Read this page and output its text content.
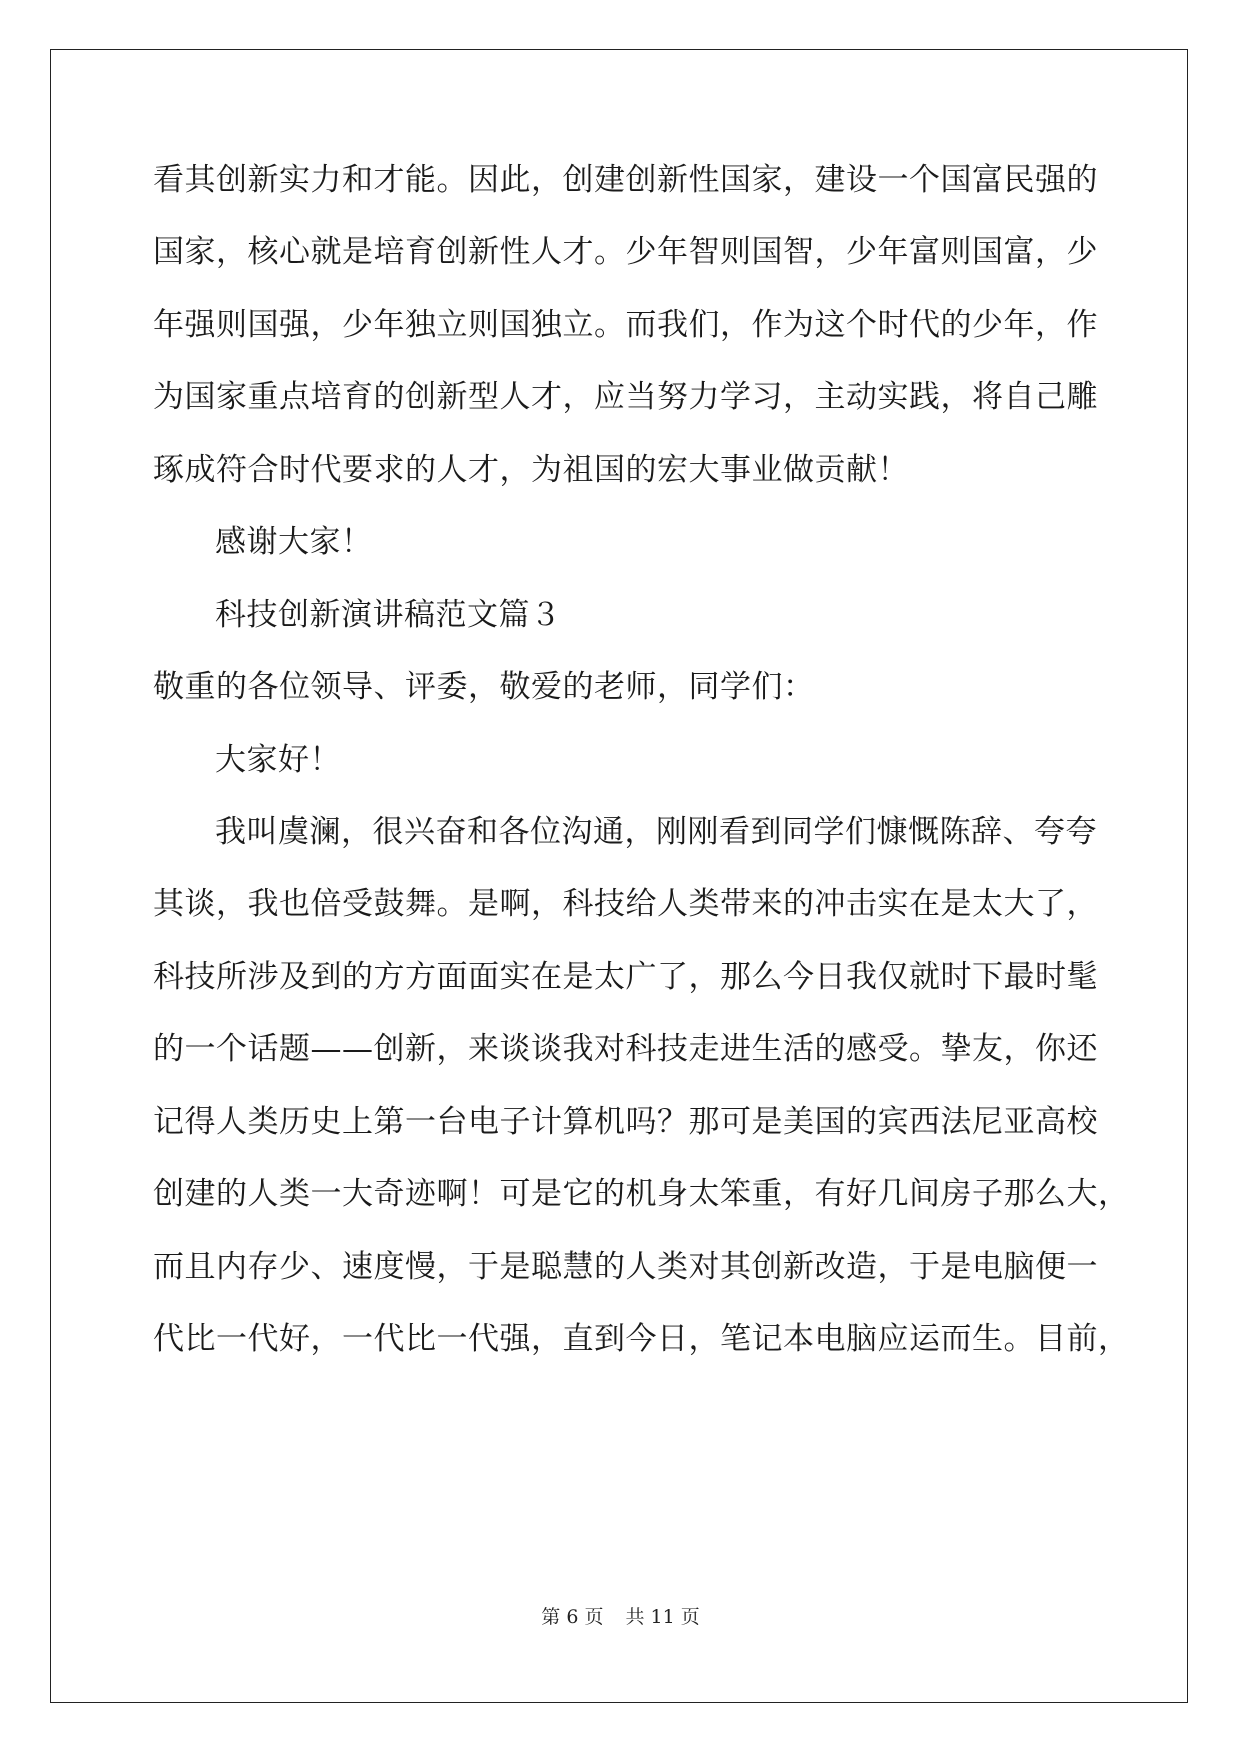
看其创新实力和才能。因此，创建创新性国家，建设一个国富民强的
国家，核心就是培育创新性人才。少年智则国智，少年富则国富，少
年强则国强，少年独立则国独立。而我们，作为这个时代的少年，作
为国家重点培育的创新型人才，应当努力学习，主动实践，将自己雕
琢成符合时代要求的人才，为祖国的宏大事业做贡献！
感谢大家！
科技创新演讲稿范文篇３
敬重的各位领导、评委，敬爱的老师，同学们：
大家好！
我叫虞澜，很兴奋和各位沟通，刚刚看到同学们慷慨陈辞、夸夸
其谈，我也倍受鼓舞。是啊，科技给人类带来的冲击实在是太大了，
科技所涉及到的方方面面实在是太广了，那么今日我仅就时下最时髦
的一个话题——创新，来谈谈我对科技走进生活的感受。挚友，你还
记得人类历史上第一台电子计算机吗？那可是美国的宾西法尼亚高校
创建的人类一大奇迹啊！可是它的机身太笨重，有好几间房子那么大，
而且内存少、速度慢，于是聪慧的人类对其创新改造，于是电脑便一
代比一代好，一代比一代强，直到今日，笔记本电脑应运而生。目前，
第 6 页 共 11 页
